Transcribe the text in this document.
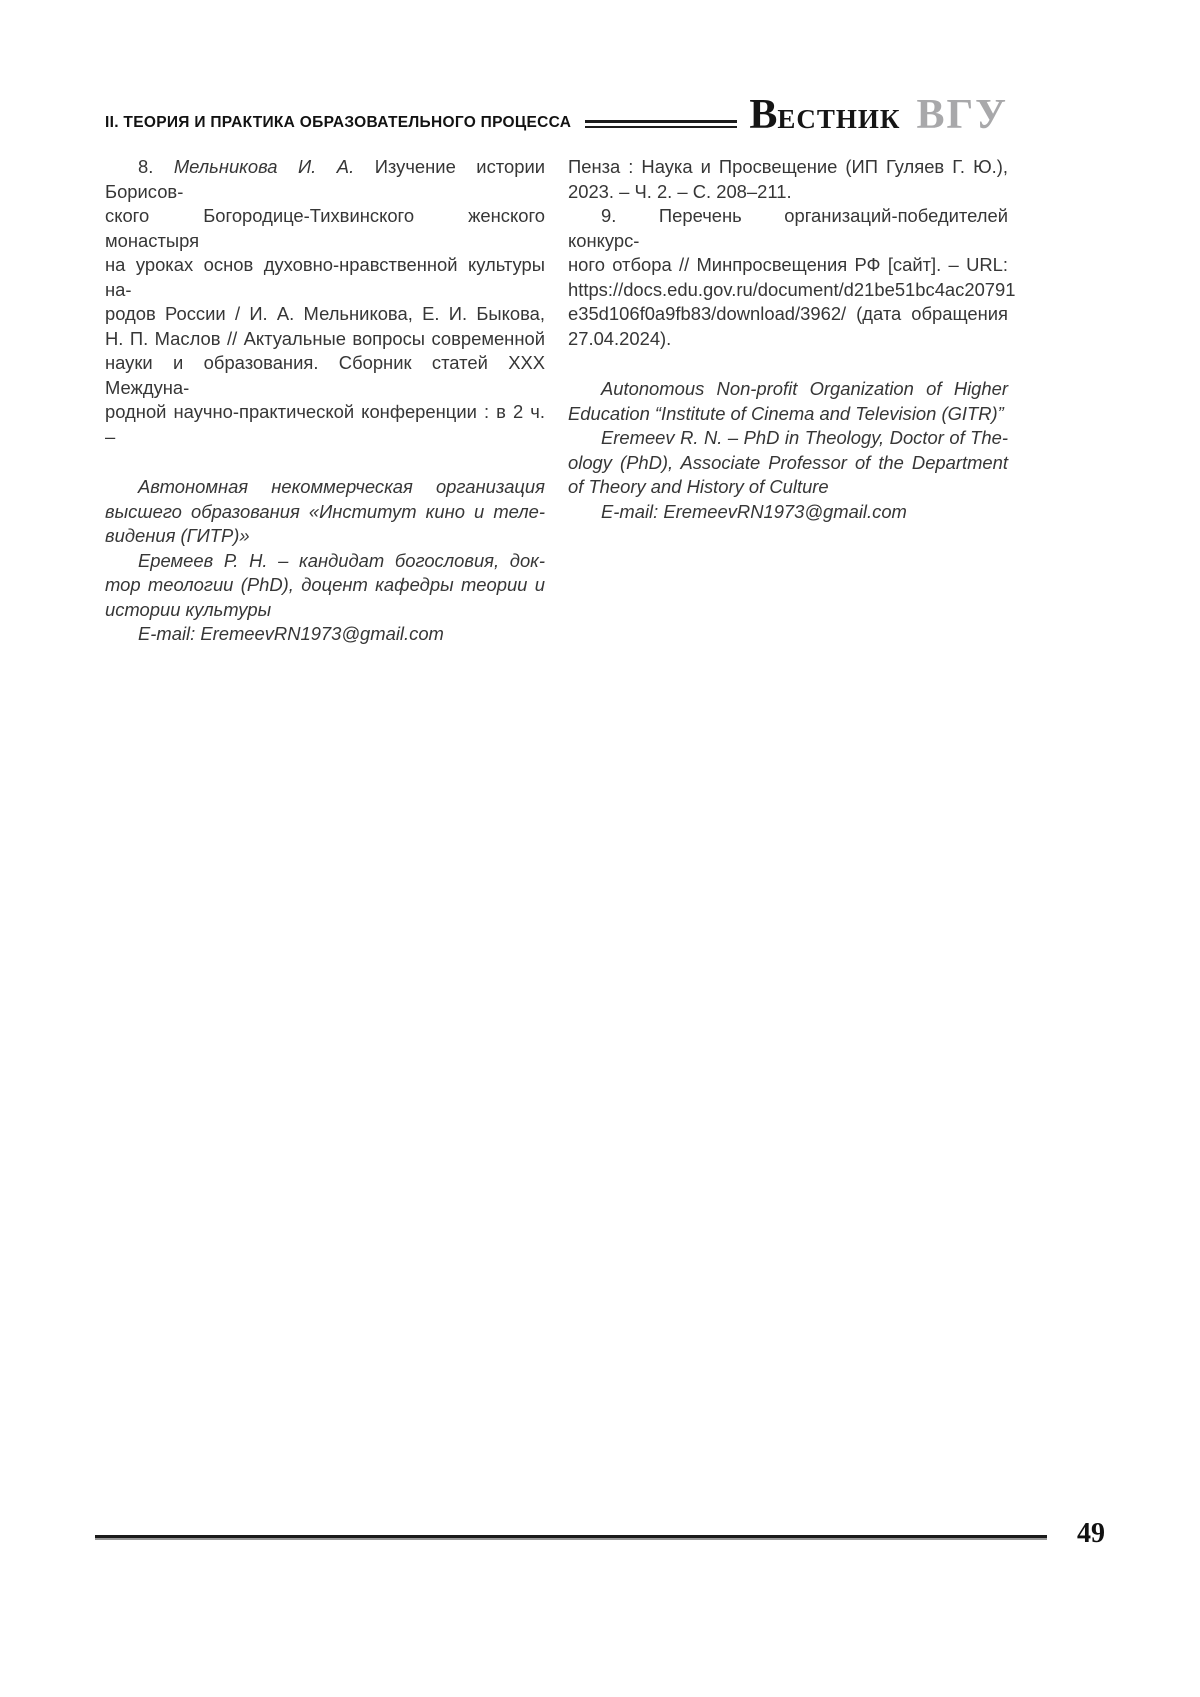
II. ТЕОРИЯ И ПРАКТИКА ОБРАЗОВАТЕЛЬНОГО ПРОЦЕССА	ВЕСТНИК ВГУ
8. Мельникова И. А. Изучение истории Борисов-
ского Богородице-Тихвинского женского монастыря
на уроках основ духовно-нравственной культуры на-
родов России / И. А. Мельникова, Е. И. Быкова,
Н. П. Маслов // Актуальные вопросы современной
науки и образования. Сборник статей XXX Междуна-
родной научно-практической конференции : в 2 ч. –
Автономная некоммерческая организация
высшего образования «Институт кино и теле-
видения (ГИТР)»
Еремеев Р. Н. – кандидат богословия, док-
тор теологии (PhD), доцент кафедры теории и
истории культуры
E-mail: EremeevRN1973@gmail.com
Пенза : Наука и Просвещение (ИП Гуляев Г. Ю.),
2023. – Ч. 2. – С. 208–211.
9. Перечень организаций-победителей конкурс-
ного отбора // Минпросвещения РФ [сайт]. – URL:
https://docs.edu.gov.ru/document/d21be51bc4ac20791
e35d106f0a9fb83/download/3962/ (дата обращения
27.04.2024).
Autonomous Non-profit Organization of Higher
Education “Institute of Cinema and Television (GITR)”
Eremeev R. N. – PhD in Theology, Doctor of The-
ology (PhD), Associate Professor of the Department
of Theory and History of Culture
E-mail: EremeevRN1973@gmail.com
49
